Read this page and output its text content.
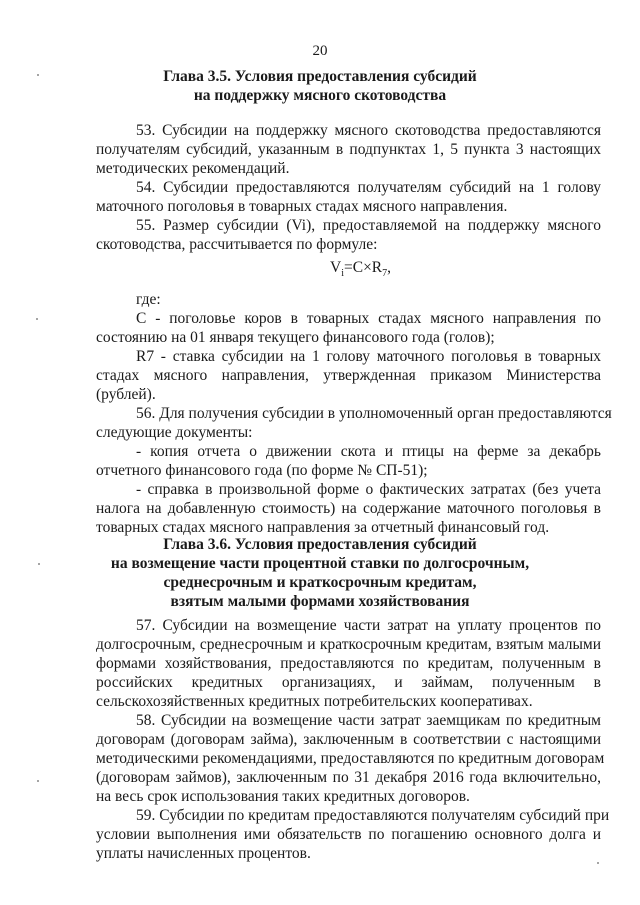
20
Глава 3.5. Условия предоставления субсидий
на поддержку мясного скотоводства
53. Субсидии на поддержку мясного скотоводства предоставляются
получателям субсидий, указанным в подпунктах 1, 5 пункта 3 настоящих
методических рекомендаций.
54. Субсидии предоставляются получателям субсидий на 1 голову
маточного поголовья в товарных стадах мясного направления.
55. Размер субсидии (Vi), предоставляемой на поддержку мясного
скотоводства, рассчитывается по формуле:
$V_i=C\times R_7$,
где:
С - поголовье коров в товарных стадах мясного направления по
состоянию на 01 января текущего финансового года (голов);
R7 - ставка субсидии на 1 голову маточного поголовья в товарных
стадах мясного направления, утвержденная приказом Министерства
(рублей).
56. Для получения субсидии в уполномоченный орган предоставляются
следующие документы:
- копия отчета о движении скота и птицы на ферме за декабрь
отчетного финансового года (по форме № СП-51);
- справка в произвольной форме о фактических затратах (без учета
налога на добавленную стоимость) на содержание маточного поголовья в
товарных стадах мясного направления за отчетный финансовый год.
Глава 3.6. Условия предоставления субсидий
на возмещение части процентной ставки по долгосрочным,
среднесрочным и краткосрочным кредитам,
взятым малыми формами хозяйствования
57. Субсидии на возмещение части затрат на уплату процентов по
долгосрочным, среднесрочным и краткосрочным кредитам, взятым малыми
формами хозяйствования, предоставляются по кредитам, полученным в
российских кредитных организациях, и займам, полученным в
сельскохозяйственных кредитных потребительских кооперативах.
58. Субсидии на возмещение части затрат заемщикам по кредитным
договорам (договорам займа), заключенным в соответствии с настоящими
методическими рекомендациями, предоставляются по кредитным договорам
(договорам займов), заключенным по 31 декабря 2016 года включительно,
на весь срок использования таких кредитных договоров.
59. Субсидии по кредитам предоставляются получателям субсидий при
условии выполнения ими обязательств по погашению основного долга и
уплаты начисленных процентов.
